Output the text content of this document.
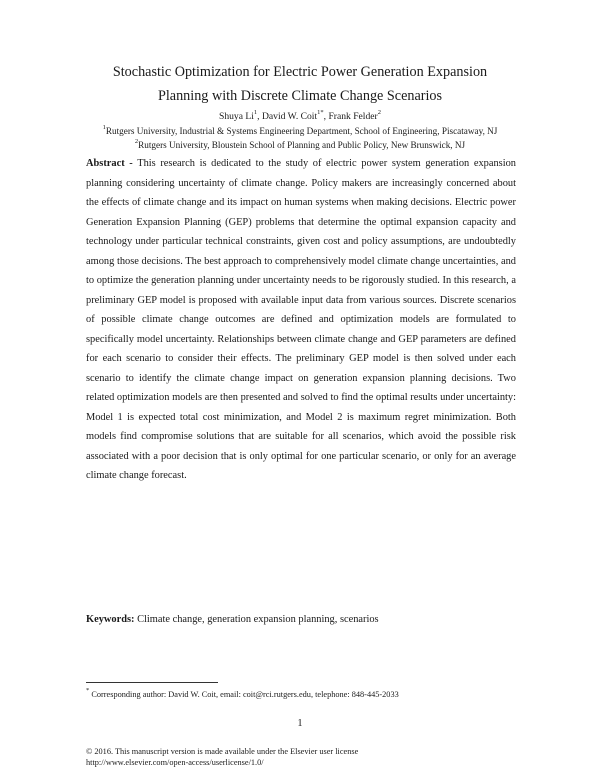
Stochastic Optimization for Electric Power Generation Expansion
Planning with Discrete Climate Change Scenarios
Shuya Li$^1$, David W. Coit$^{1*}$, Frank Felder$^2$
$^1$Rutgers University, Industrial & Systems Engineering Department, School of Engineering, Piscataway, NJ
$^2$Rutgers University, Bloustein School of Planning and Public Policy, New Brunswick, NJ
Abstract - This research is dedicated to the study of electric power system generation expansion planning considering uncertainty of climate change. Policy makers are increasingly concerned about the effects of climate change and its impact on human systems when making decisions. Electric power Generation Expansion Planning (GEP) problems that determine the optimal expansion capacity and technology under particular technical constraints, given cost and policy assumptions, are undoubtedly among those decisions. The best approach to comprehensively model climate change uncertainties, and to optimize the generation planning under uncertainty needs to be rigorously studied. In this research, a preliminary GEP model is proposed with available input data from various sources. Discrete scenarios of possible climate change outcomes are defined and optimization models are formulated to specifically model uncertainty. Relationships between climate change and GEP parameters are defined for each scenario to consider their effects. The preliminary GEP model is then solved under each scenario to identify the climate change impact on generation expansion planning decisions. Two related optimization models are then presented and solved to find the optimal results under uncertainty: Model 1 is expected total cost minimization, and Model 2 is maximum regret minimization. Both models find compromise solutions that are suitable for all scenarios, which avoid the possible risk associated with a poor decision that is only optimal for one particular scenario, or only for an average climate change forecast.
Keywords: Climate change, generation expansion planning, scenarios
* Corresponding author: David W. Coit, email: coit@rci.rutgers.edu, telephone: 848-445-2033
1
© 2016. This manuscript version is made available under the Elsevier user license
http://www.elsevier.com/open-access/userlicense/1.0/
